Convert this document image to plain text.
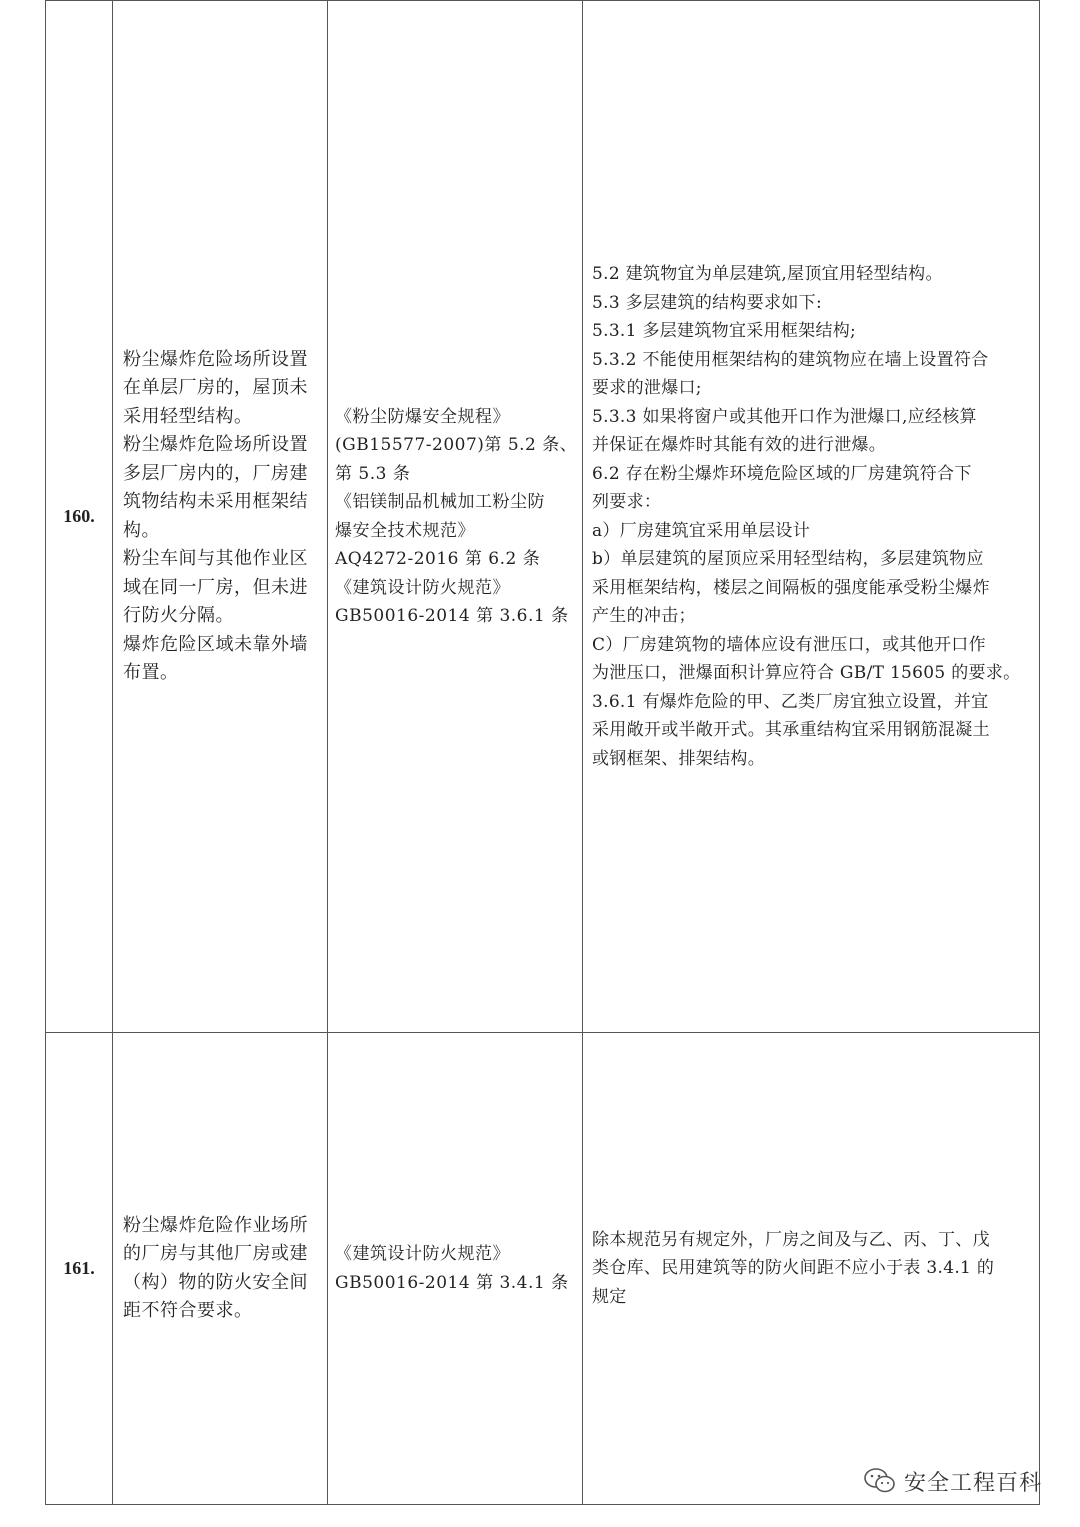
160.
粉尘爆炸危险场所设置
在单层厂房的，屋顶未
采用轻型结构。
粉尘爆炸危险场所设置
多层厂房内的，厂房建
筑物结构未采用框架结
构。
粉尘车间与其他作业区
域在同一厂房，但未进
行防火分隔。
爆炸危险区域未靠外墙
布置。
《粉尘防爆安全规程》
(GB15577-2007)第 5.2 条、
第 5.3 条
《铝镁制品机械加工粉尘防
爆安全技术规范》
AQ4272-2016 第 6.2 条
《建筑设计防火规范》
GB50016-2014 第 3.6.1 条
5.2 建筑物宜为单层建筑,屋顶宜用轻型结构。
5.3 多层建筑的结构要求如下:
5.3.1 多层建筑物宜采用框架结构;
5.3.2 不能使用框架结构的建筑物应在墙上设置符合
要求的泄爆口;
5.3.3 如果将窗户或其他开口作为泄爆口,应经核算
并保证在爆炸时其能有效的进行泄爆。
6.2 存在粉尘爆炸环境危险区域的厂房建筑符合下
列要求：
a）厂房建筑宜采用单层设计
b）单层建筑的屋顶应采用轻型结构，多层建筑物应
采用框架结构，楼层之间隔板的强度能承受粉尘爆炸
产生的冲击；
C）厂房建筑物的墙体应设有泄压口，或其他开口作
为泄压口，泄爆面积计算应符合 GB/T 15605 的要求。
3.6.1 有爆炸危险的甲、乙类厂房宜独立设置，并宜
采用敞开或半敞开式。其承重结构宜采用钢筋混凝土
或钢框架、排架结构。
161.
粉尘爆炸危险作业场所
的厂房与其他厂房或建
（构）物的防火安全间
距不符合要求。
《建筑设计防火规范》
GB50016-2014 第 3.4.1 条
除本规范另有规定外，厂房之间及与乙、丙、丁、戊
类仓库、民用建筑等的防火间距不应小于表 3.4.1 的
规定
安全工程百科
